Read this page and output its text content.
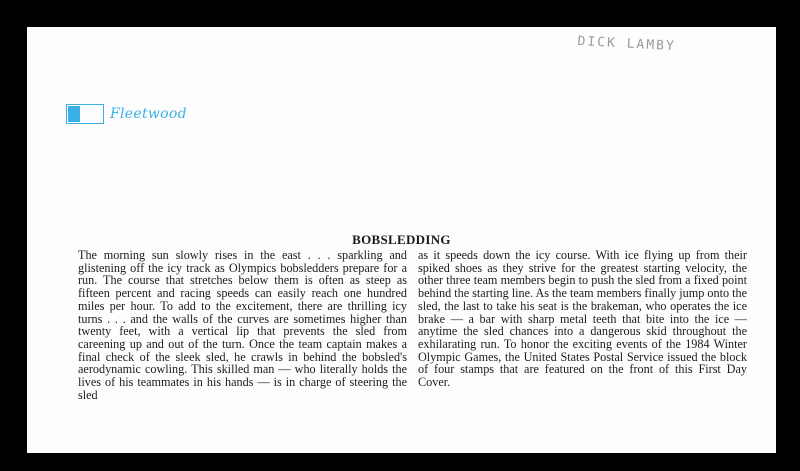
DICK LAMBY
Fleetwood
BOBSLEDDING

The morning sun slowly rises in the east . . . sparkling and glistening off the icy track as Olympics bobsledders prepare for a run. The course that stretches below them is often as steep as fifteen percent and racing speeds can easily reach one hundred miles per hour. To add to the excitement, there are thrilling icy turns . . . and the walls of the curves are sometimes higher than twenty feet, with a vertical lip that prevents the sled from careening up and out of the turn. Once the team captain makes a final check of the sleek sled, he crawls in behind the bobsled's aerodynamic cowling. This skilled man — who literally holds the lives of his teammates in his hands — is in charge of steering the sled

as it speeds down the icy course. With ice flying up from their spiked shoes as they strive for the greatest starting velocity, the other three team members begin to push the sled from a fixed point behind the starting line. As the team members finally jump onto the sled, the last to take his seat is the brakeman, who operates the ice brake — a bar with sharp metal teeth that bite into the ice — anytime the sled chances into a dangerous skid throughout the exhilarating run. To honor the exciting events of the 1984 Winter Olympic Games, the United States Postal Service issued the block of four stamps that are featured on the front of this First Day Cover.
